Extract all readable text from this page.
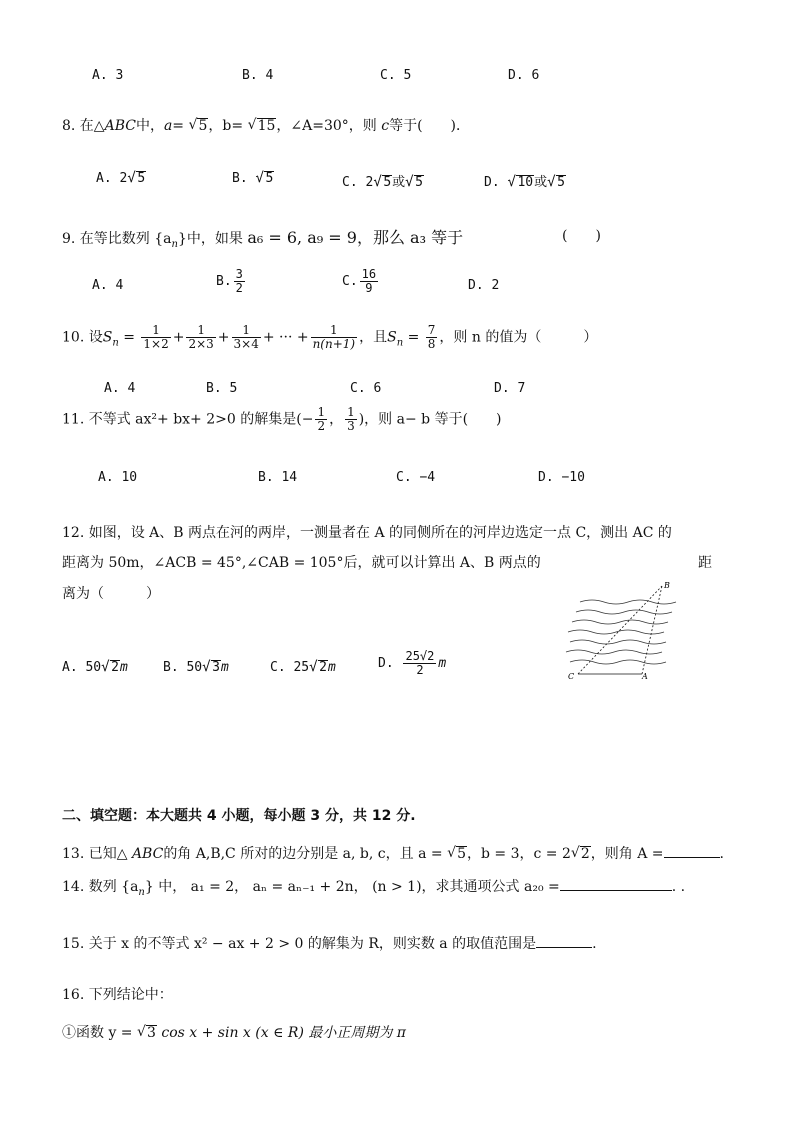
A. 3	B. 4	C. 5	D. 6
8. 在△ABC中，a= √ 5，b= √ 15，∠A=30°，则 c等于(　　)．
A. 2 √ 5	B. √ 5	C. 2 √ 5或 √ 5	D. √ 10或 √ 5
9. 在等比数列 $\{a_n\}$中，如果 a₆ = 6, a₉ = 9，那么 a₃ 等于	(　　)
A. 4	B. $\frac{3}{2}$	C. $\frac{16}{9}$	D. 2
10. 设$S_n = \frac{1}{1\times 2} + \frac{1}{2\times 3} + \frac{1}{3\times 4}$ + ··· + $\frac{1}{n(n+1)}$ ，且$S_n = \frac{7}{8}$ ，则 n 的值为（　　　）
A. 4	B. 5	C. 6	D. 7
11. 不等式 ax²+ bx+ 2>0 的解集是(− $\frac{1}{2}$ ， $\frac{1}{3}$ )，则 a− b 等于(　　)
A. 10	B. 14	C. −4	D. −10
12. 如图，设 A、B 两点在河的两岸，一测量者在 A 的同侧所在的河岸边选定一点 C，测出 AC 的
距离为 50m，∠ACB = 45°,∠CAB = 105°后，就可以计算出 A、B 两点的	距
离为（　　　）
A. 50 √ 2m	B. 50 √ 3m	C. 25 √ 2m	D. $\frac{25√2}{2}$ m
B
C	A
二、填空题：本大题共 4 小题，每小题 3 分，共 12 分.
13. 已知△ ABC的角 A,B,C 所对的边分别是 a, b, c，且 a = √ 5，b = 3，c = 2 √ 2，则角 A =	.
14. 数列 $\{a_n\}$ 中， a₁ = 2， aₙ = aₙ₋₁ + 2n， (n > 1)，求其通项公式 a₂₀ =	. .
15. 关于 x 的不等式 x² − ax + 2 > 0 的解集为 R，则实数 a 的取值范围是	.
16. 下列结论中：
①函数 y = √ 3 cos x + sin x (x ∈ R) 最小正周期为 π
